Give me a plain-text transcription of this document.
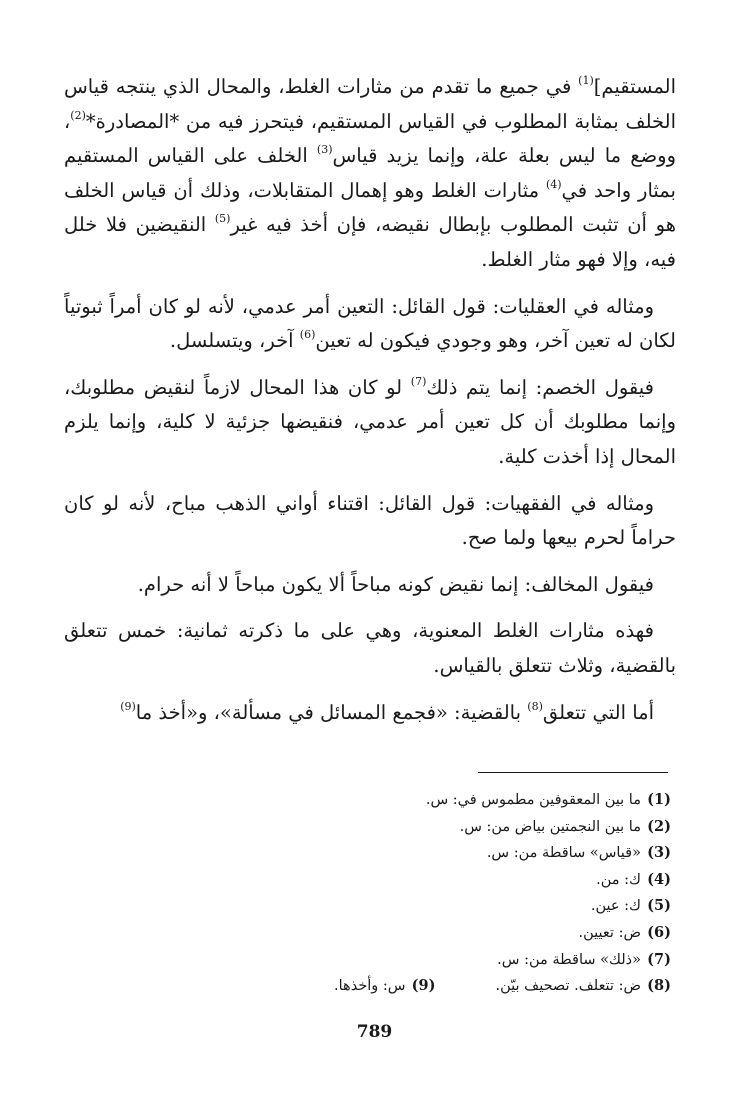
المستقيم]$^{(1)}$ في جميع ما تقدم من مثارات الغلط، والمحال الذي ينتجه قياس الخلف بمثابة المطلوب في القياس المستقيم، فيتحرز فيه من *المصادرة*$^{(2)}$، ووضع ما ليس بعلة علة، وإنما يزيد قياس$^{(3)}$ الخلف على القياس المستقيم بمثار واحد في$^{(4)}$ مثارات الغلط وهو إهمال المتقابلات، وذلك أن قياس الخلف هو أن تثبت المطلوب بإبطال نقيضه، فإن أخذ فيه غير$^{(5)}$ النقيضين فلا خلل فيه، وإلا فهو مثار الغلط.

ومثاله في العقليات: قول القائل: التعين أمر عدمي، لأنه لو كان أمراً ثبوتياً لكان له تعين آخر، وهو وجودي فيكون له تعين$^{(6)}$ آخر، ويتسلسل.

فيقول الخصم: إنما يتم ذلك$^{(7)}$ لو كان هذا المحال لازماً لنقيض مطلوبك، وإنما مطلوبك أن كل تعين أمر عدمي، فنقيضها جزئية لا كلية، وإنما يلزم المحال إذا أخذت كلية.

ومثاله في الفقهيات: قول القائل: اقتناء أواني الذهب مباح، لأنه لو كان حراماً لحرم بيعها ولما صح.

فيقول المخالف: إنما نقيض كونه مباحاً ألا يكون مباحاً لا أنه حرام.

فهذه مثارات الغلط المعنوية، وهي على ما ذكرته ثمانية: خمس تتعلق بالقضية، وثلاث تتعلق بالقياس.

أما التي تتعلق$^{(8)}$ بالقضية: «فجمع المسائل في مسألة»، و«أخذ ما$^{(9)}$

(1)ما بين المعقوفين مطموس في: س.
(2)ما بين النجمتين بياض من: س.
(3)«قياس» ساقطة من: س.
(4)ك: من.
(5)ك: عين.
(6)ض: تعيين.
(7)«ذلك» ساقطة من: س.
(8)ض: تتعلف. تصحيف بيّن.(9)س: وأخذها.
789
